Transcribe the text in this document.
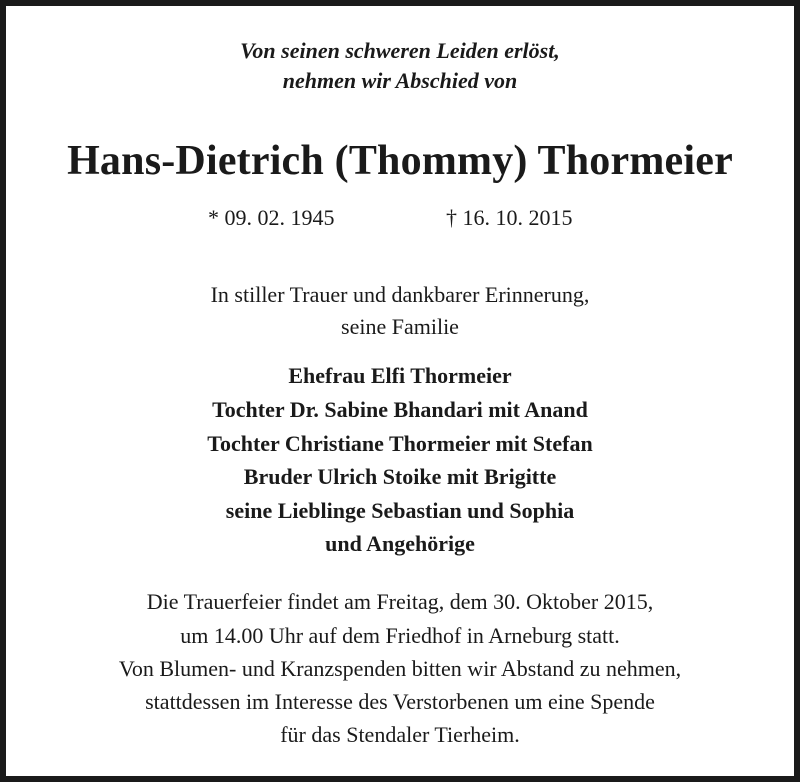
Von seinen schweren Leiden erlöst,
nehmen wir Abschied von
Hans-Dietrich (Thommy) Thormeier
* 09. 02. 1945	† 16. 10. 2015
In stiller Trauer und dankbarer Erinnerung,
seine Familie
Ehefrau Elfi Thormeier
Tochter Dr. Sabine Bhandari mit Anand
Tochter Christiane Thormeier mit Stefan
Bruder Ulrich Stoike mit Brigitte
seine Lieblinge Sebastian und Sophia
und Angehörige
Die Trauerfeier findet am Freitag, dem 30. Oktober 2015,
um 14.00 Uhr auf dem Friedhof in Arneburg statt.
Von Blumen- und Kranzspenden bitten wir Abstand zu nehmen,
stattdessen im Interesse des Verstorbenen um eine Spende
für das Stendaler Tierheim.
